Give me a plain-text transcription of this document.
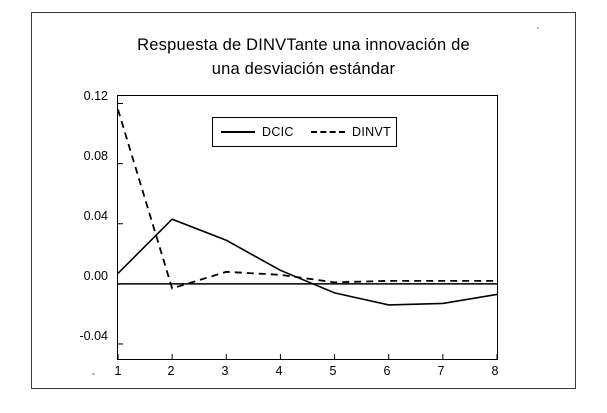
Respuesta de DINVTante una innovación de
una desviación estándar
0.12
0.08
0.04
0.00
-0.04
1	2	3	4	5	6	7	8
DCIC	DINVT
